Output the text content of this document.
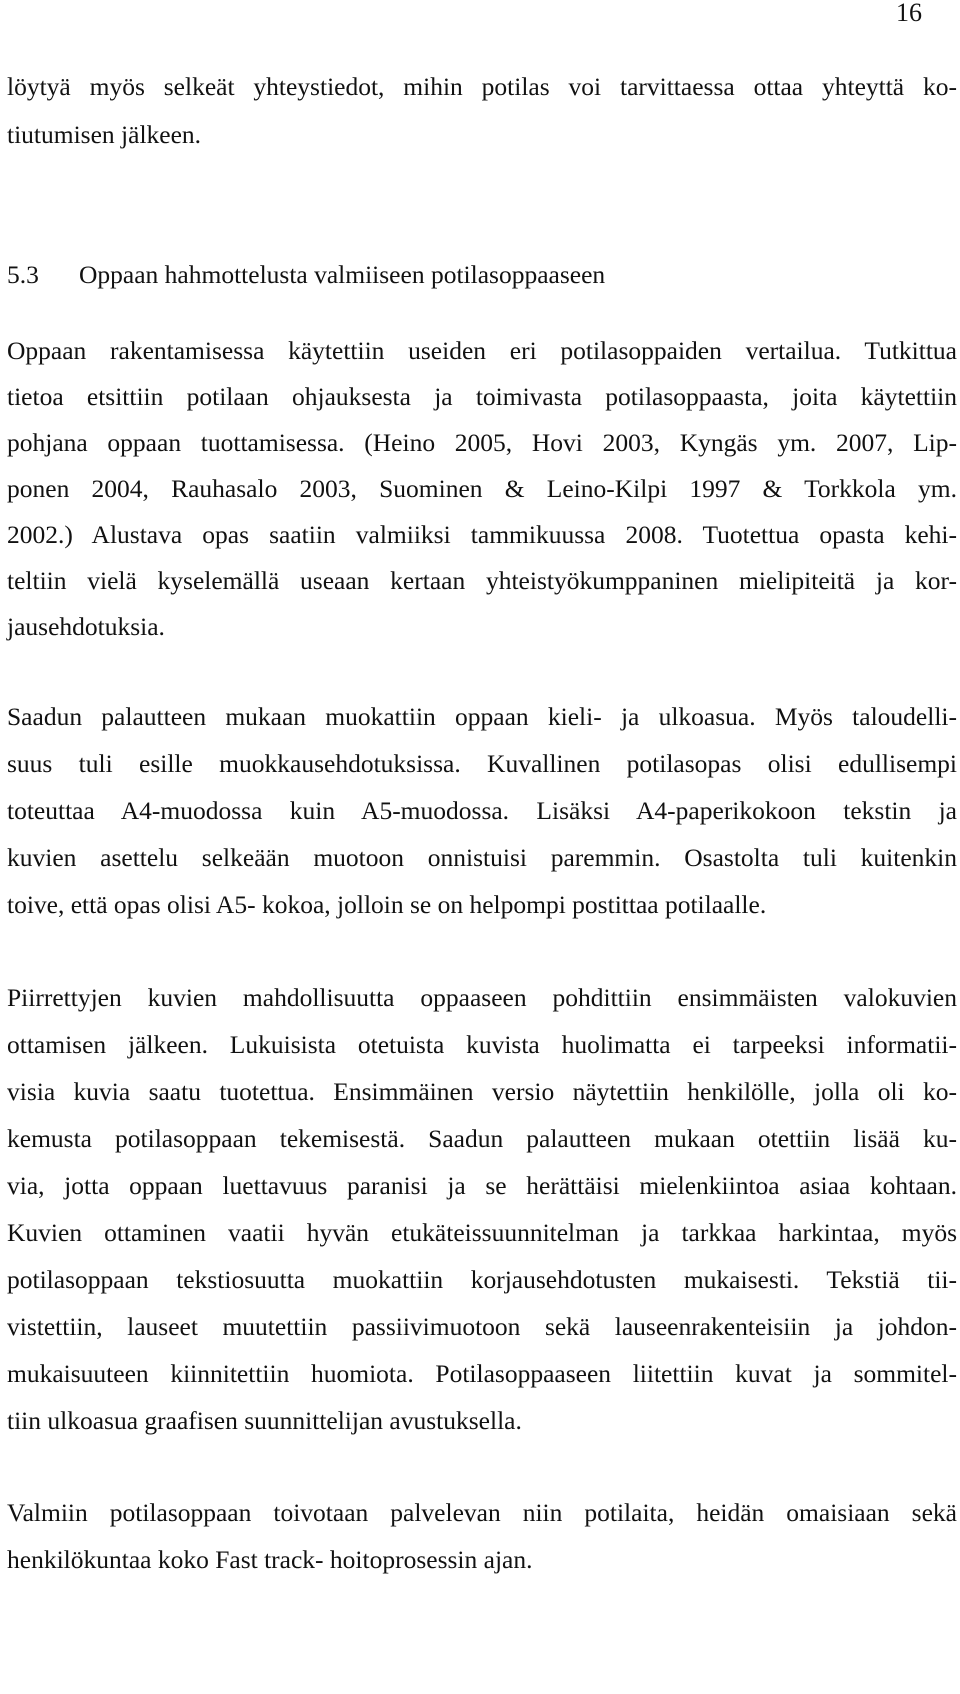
16
löytyä myös selkeät yhteystiedot, mihin potilas voi tarvittaessa ottaa yhteyttä ko-
tiutumisen jälkeen.
5.3 Oppaan hahmottelusta valmiiseen potilasoppaaseen
Oppaan rakentamisessa käytettiin useiden eri potilasoppaiden vertailua. Tutkittua
tietoa etsittiin potilaan ohjauksesta ja toimivasta potilasoppaasta, joita käytettiin
pohjana oppaan tuottamisessa. (Heino 2005, Hovi 2003, Kyngäs ym. 2007, Lip-
ponen 2004, Rauhasalo 2003, Suominen & Leino-Kilpi 1997 & Torkkola ym.
2002.) Alustava opas saatiin valmiiksi tammikuussa 2008. Tuotettua opasta kehi-
teltiin vielä kyselemällä useaan kertaan yhteistyökumppaninen mielipiteitä ja kor-
jausehdotuksia.
Saadun palautteen mukaan muokattiin oppaan kieli- ja ulkoasua. Myös taloudelli-
suus tuli esille muokkausehdotuksissa. Kuvallinen potilasopas olisi edullisempi
toteuttaa A4-muodossa kuin A5-muodossa. Lisäksi A4-paperikokoon tekstin ja
kuvien asettelu selkeään muotoon onnistuisi paremmin. Osastolta tuli kuitenkin
toive, että opas olisi A5- kokoa, jolloin se on helpompi postittaa potilaalle.
Piirrettyjen kuvien mahdollisuutta oppaaseen pohdittiin ensimmäisten valokuvien
ottamisen jälkeen. Lukuisista otetuista kuvista huolimatta ei tarpeeksi informatii-
visia kuvia saatu tuotettua. Ensimmäinen versio näytettiin henkilölle, jolla oli ko-
kemusta potilasoppaan tekemisestä. Saadun palautteen mukaan otettiin lisää ku-
via, jotta oppaan luettavuus paranisi ja se herättäisi mielenkiintoa asiaa kohtaan.
Kuvien ottaminen vaatii hyvän etukäteissuunnitelman ja tarkkaa harkintaa, myös
potilasoppaan tekstiosuutta muokattiin korjausehdotusten mukaisesti. Tekstiä tii-
vistettiin, lauseet muutettiin passiivimuotoon sekä lauseenrakenteisiin ja johdon-
mukaisuuteen kiinnitettiin huomiota. Potilasoppaaseen liitettiin kuvat ja sommitel-
tiin ulkoasua graafisen suunnittelijan avustuksella.
Valmiin potilasoppaan toivotaan palvelevan niin potilaita, heidän omaisiaan sekä
henkilökuntaa koko Fast track- hoitoprosessin ajan.
